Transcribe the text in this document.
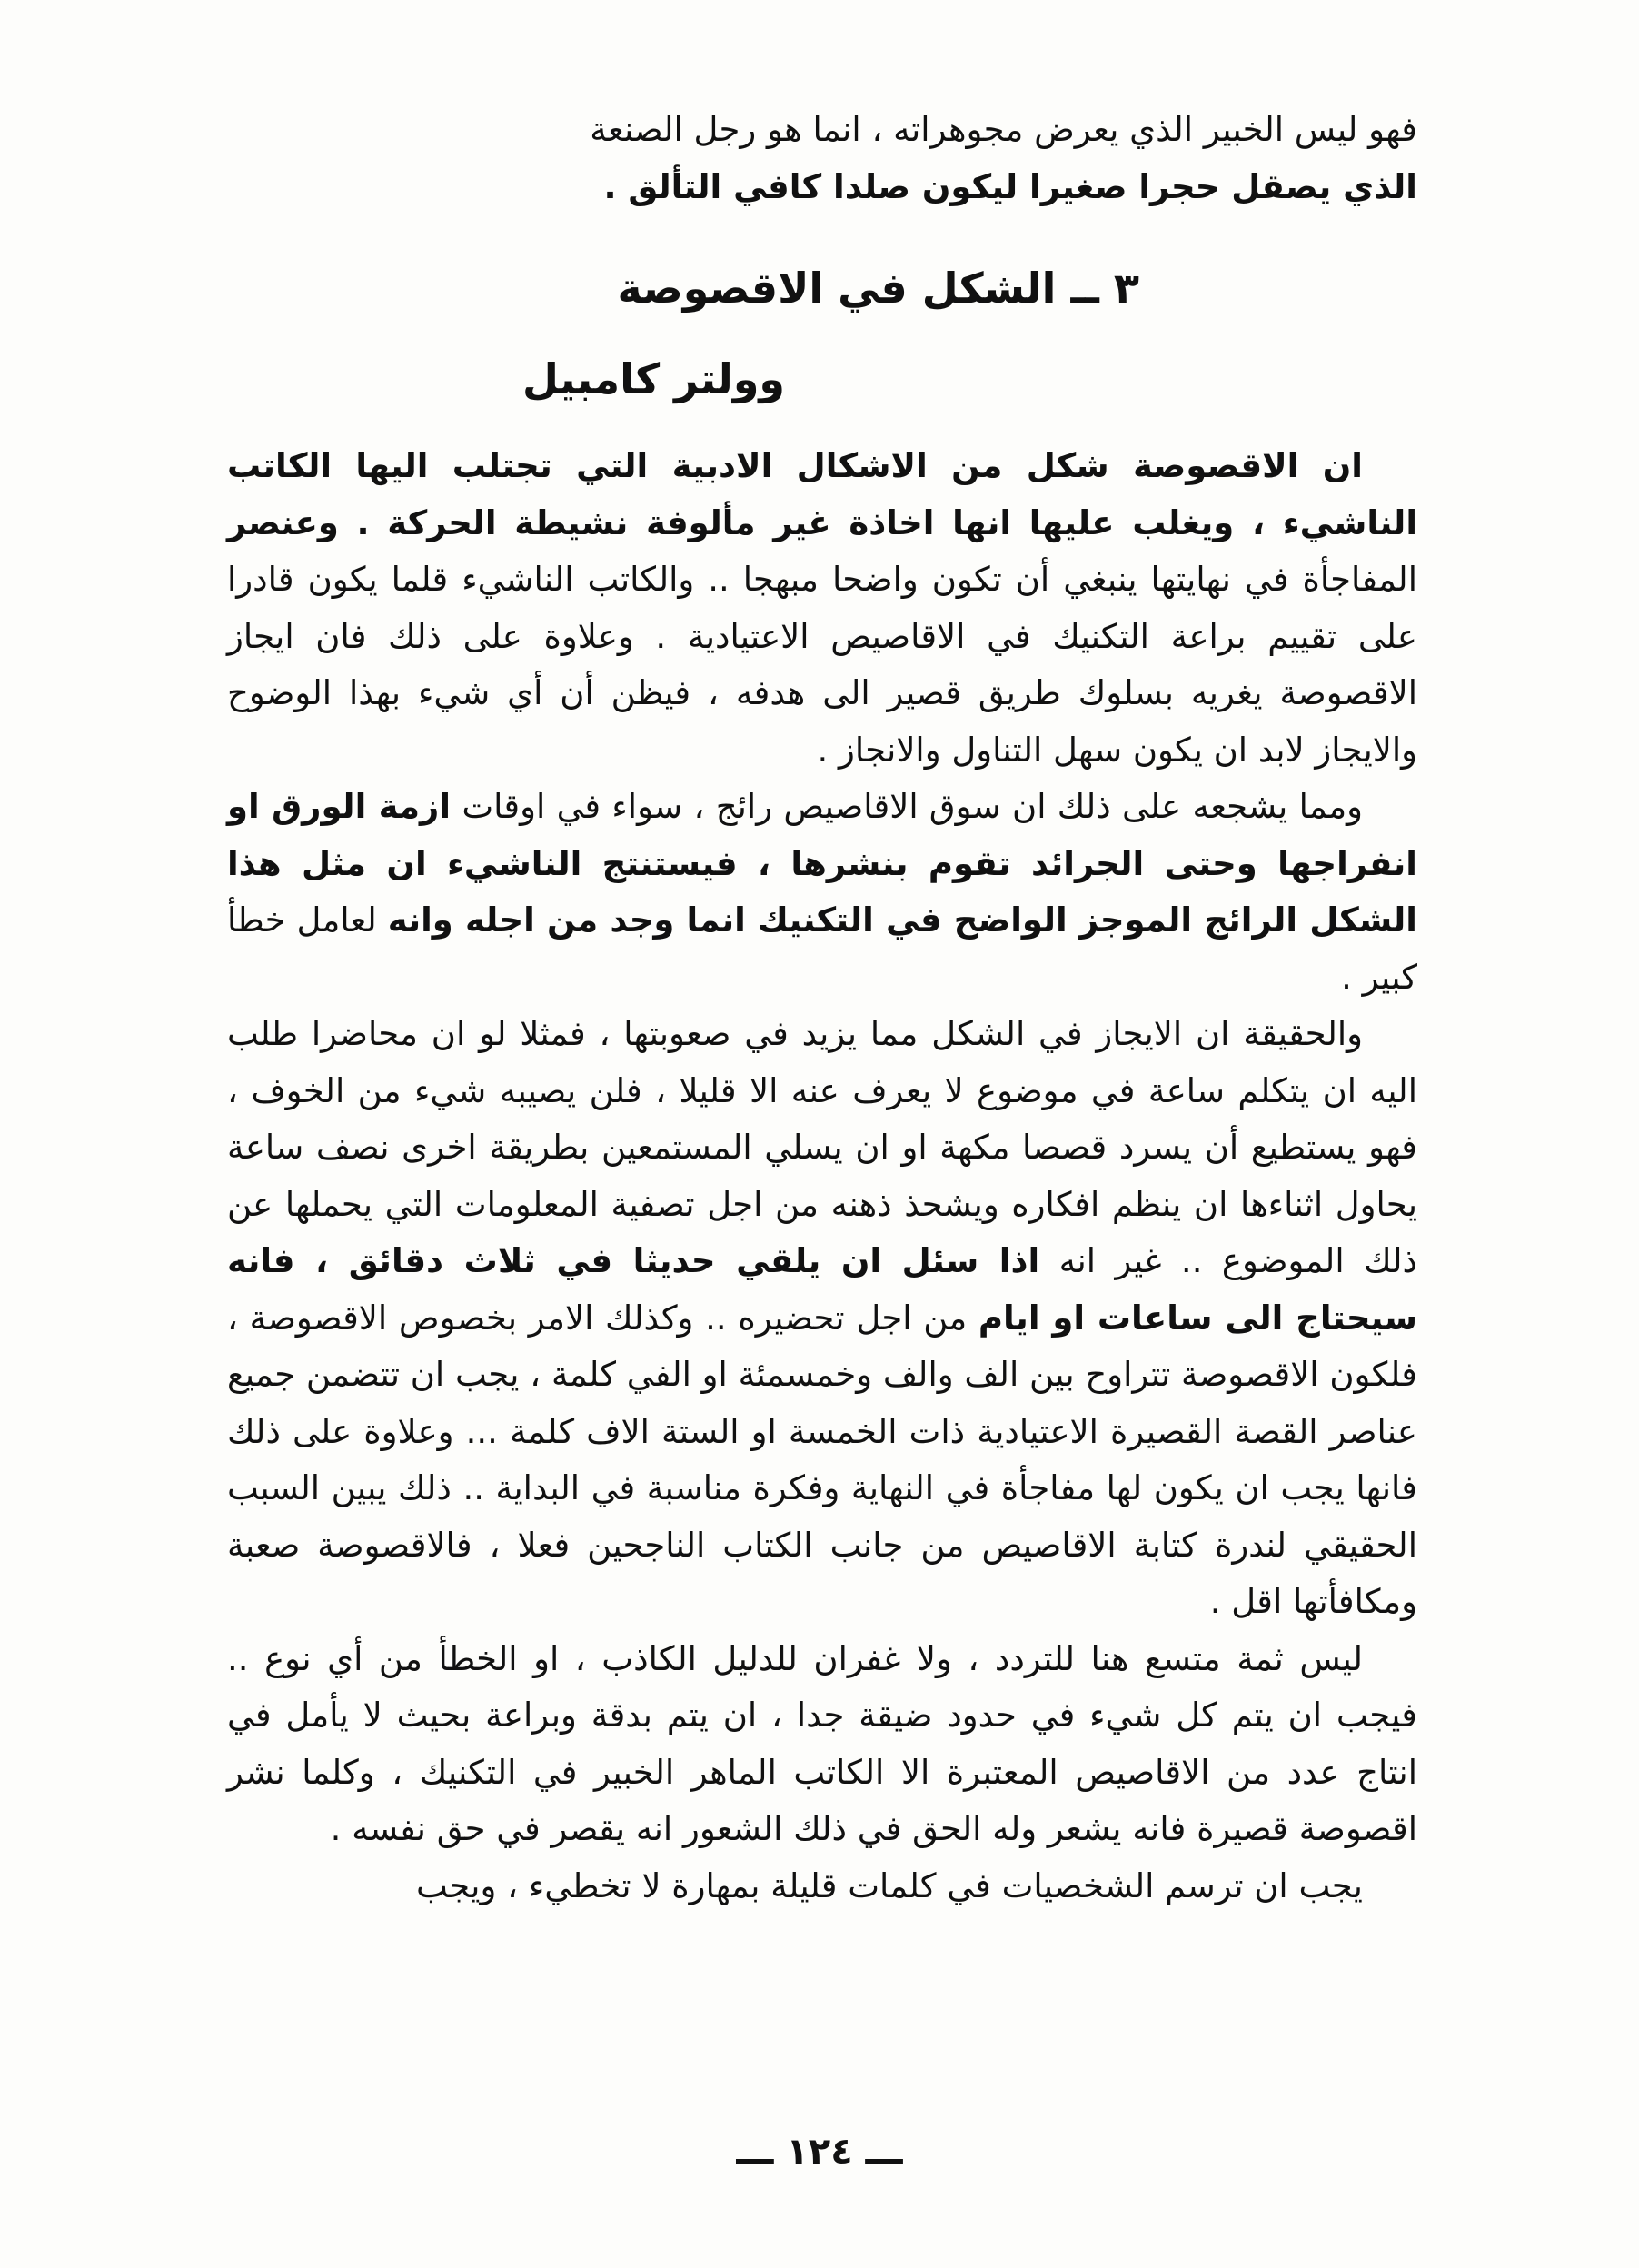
فهو ليس الخبير الذي يعرض مجوهراته ، انما هو رجل الصنعة

الذي يصقل حجرا صغيرا ليكون صلدا كافي التألق .

٣ ــ الشكل في الاقصوصة
وولتر كامبيل

ان الاقصوصة شكل من الاشكال الادبية التي تجتلب اليها الكاتب الناشيء ، ويغلب عليها انها اخاذة غير مألوفة نشيطة الحركة . وعنصر المفاجأة في نهايتها ينبغي أن تكون واضحا مبهجا .. والكاتب الناشيء قلما يكون قادرا على تقييم براعة التكنيك في الاقاصيص الاعتيادية . وعلاوة على ذلك فان ايجاز الاقصوصة يغريه بسلوك طريق قصير الى هدفه ، فيظن أن أي شيء بهذا الوضوح والايجاز لابد ان يكون سهل التناول والانجاز .

ومما يشجعه على ذلك ان سوق الاقاصيص رائج ، سواء في اوقات ازمة الورق او انفراجها وحتى الجرائد تقوم بنشرها ، فيستنتج الناشيء ان مثل هذا الشكل الرائج الموجز الواضح في التكنيك انما وجد من اجله وانه لعامل خطأ كبير .

والحقيقة ان الايجاز في الشكل مما يزيد في صعوبتها ، فمثلا لو ان محاضرا طلب اليه ان يتكلم ساعة في موضوع لا يعرف عنه الا قليلا ، فلن يصيبه شيء من الخوف ، فهو يستطيع أن يسرد قصصا مكهة او ان يسلي المستمعين بطريقة اخرى نصف ساعة يحاول اثناءها ان ينظم افكاره ويشحذ ذهنه من اجل تصفية المعلومات التي يحملها عن ذلك الموضوع .. غير انه اذا سئل ان يلقي حديثا في ثلاث دقائق ، فانه سيحتاج الى ساعات او ايام من اجل تحضيره .. وكذلك الامر بخصوص الاقصوصة ، فلكون الاقصوصة تتراوح بين الف والف وخمسمئة او الفي كلمة ، يجب ان تتضمن جميع عناصر القصة القصيرة الاعتيادية ذات الخمسة او الستة الاف كلمة ... وعلاوة على ذلك فانها يجب ان يكون لها مفاجأة في النهاية وفكرة مناسبة في البداية .. ذلك يبين السبب الحقيقي لندرة كتابة الاقاصيص من جانب الكتاب الناجحين فعلا ، فالاقصوصة صعبة ومكافأتها اقل .

ليس ثمة متسع هنا للتردد ، ولا غفران للدليل الكاذب ، او الخطأ من أي نوع .. فيجب ان يتم كل شيء في حدود ضيقة جدا ، ان يتم بدقة وبراعة بحيث لا يأمل في انتاج عدد من الاقاصيص المعتبرة الا الكاتب الماهر الخبير في التكنيك ، وكلما نشر اقصوصة قصيرة فانه يشعر وله الحق في ذلك الشعور انه يقصر في حق نفسه .

يجب ان ترسم الشخصيات في كلمات قليلة بمهارة لا تخطيء ، ويجب

ـــ ١٢٤ ـــ
